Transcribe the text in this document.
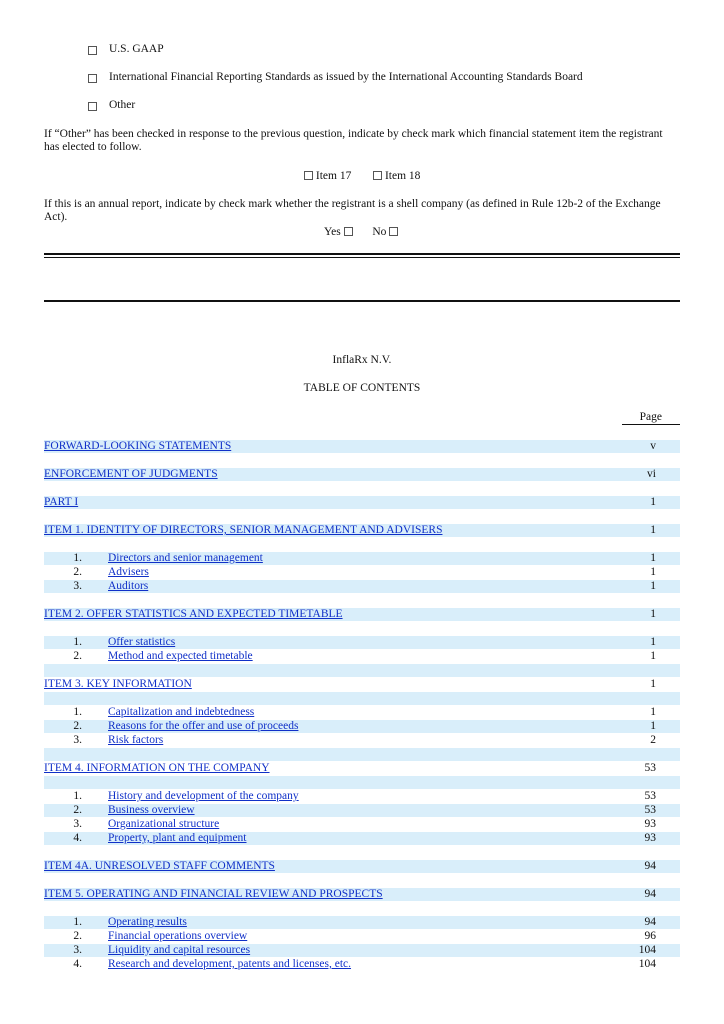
U.S. GAAP
International Financial Reporting Standards as issued by the International Accounting Standards Board
Other
If “Other” has been checked in response to the previous question, indicate by check mark which financial statement item the registrant has elected to follow.
Item 17	Item 18
If this is an annual report, indicate by check mark whether the registrant is a shell company (as defined in Rule 12b-2 of the Exchange Act).
Yes	No
InflaRx N.V.
TABLE OF CONTENTS
Page
FORWARD-LOOKING STATEMENTS	v
ENFORCEMENT OF JUDGMENTS	vi
PART I	1
ITEM 1. IDENTITY OF DIRECTORS, SENIOR MANAGEMENT AND ADVISERS	1
1. Directors and senior management	1
2. Advisers	1
3. Auditors	1
ITEM 2. OFFER STATISTICS AND EXPECTED TIMETABLE	1
1. Offer statistics	1
2. Method and expected timetable	1
ITEM 3. KEY INFORMATION	1
1. Capitalization and indebtedness	1
2. Reasons for the offer and use of proceeds	1
3. Risk factors	2
ITEM 4. INFORMATION ON THE COMPANY	53
1. History and development of the company	53
2. Business overview	53
3. Organizational structure	93
4. Property, plant and equipment	93
ITEM 4A. UNRESOLVED STAFF COMMENTS	94
ITEM 5. OPERATING AND FINANCIAL REVIEW AND PROSPECTS	94
1. Operating results	94
2. Financial operations overview	96
3. Liquidity and capital resources	104
4. Research and development, patents and licenses, etc.	104
